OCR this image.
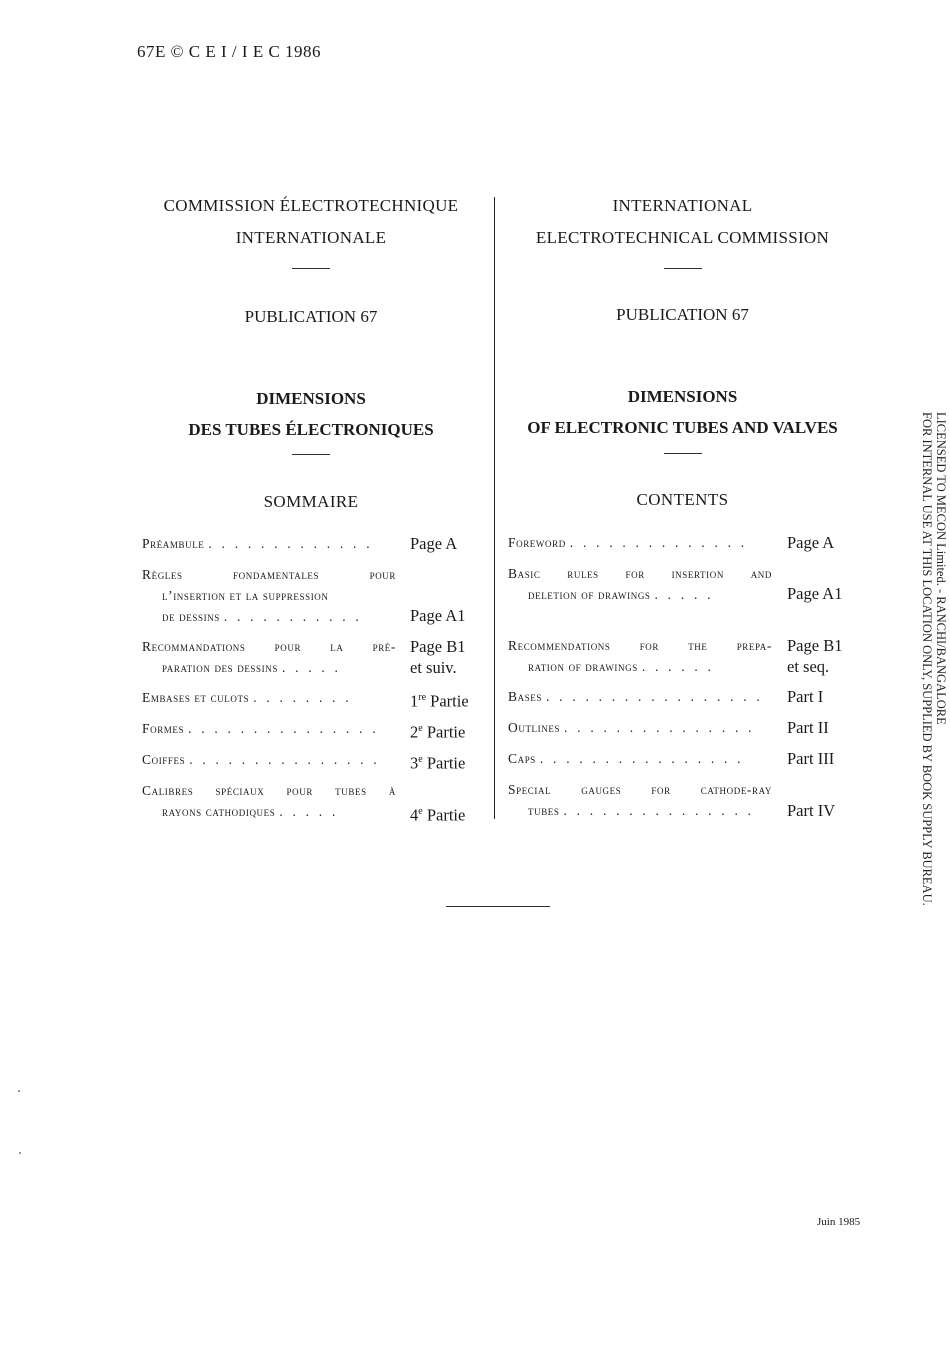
67E © C E I / I E C 1986
COMMISSION ÉLECTROTECHNIQUE
INTERNATIONALE
PUBLICATION 67
DIMENSIONS
DES TUBES ÉLECTRONIQUES
SOMMAIRE
Préambule . . . . . . . . . . . . .	Page A
Règles fondamentales pour
l’insertion et la suppression
de dessins . . . . . . . . . . .	Page A1
Recommandations pour la pré-
paration des dessins . . . . .
Page B1
et suiv.
Embases et culots . . . . . . . .	1re Partie
Formes . . . . . . . . . . . . . . .	2e Partie
Coiffes . . . . . . . . . . . . . . .	3e Partie
Calibres spéciaux pour tubes à
rayons cathodiques . . . . .	4e Partie
INTERNATIONAL
ELECTROTECHNICAL COMMISSION
PUBLICATION 67
DIMENSIONS
OF ELECTRONIC TUBES AND VALVES
CONTENTS
Foreword . . . . . . . . . . . . . .	Page A
Basic rules for insertion and
deletion of drawings . . . . .	Page A1
Recommendations for the prepa-
ration of drawings . . . . . .
Page B1
et seq.
Bases . . . . . . . . . . . . . . . . .	Part I
Outlines . . . . . . . . . . . . . . .	Part II
Caps . . . . . . . . . . . . . . . .	Part III
Special gauges for cathode-ray
tubes . . . . . . . . . . . . . . .	Part IV
Juin 1985
LICENSED TO MECON Limited. - RANCHI/BANGALORE
FOR INTERNAL USE AT THIS LOCATION ONLY, SUPPLIED BY BOOK SUPPLY BUREAU.
